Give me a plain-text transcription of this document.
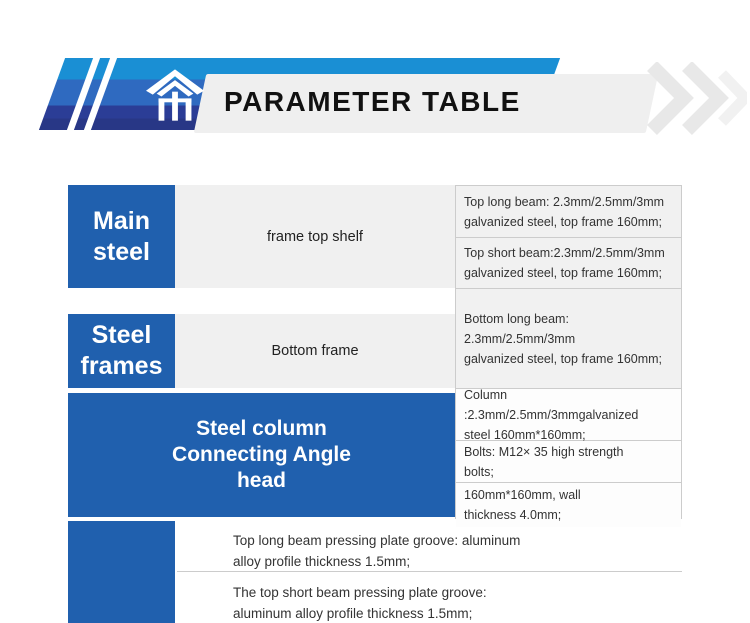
PARAMETER TABLE
Main
steel
frame top shelf
Steel
frames
Bottom frame
Steel column
Connecting Angle
head
Top long beam: 2.3mm/2.5mm/3mm
galvanized steel, top frame 160mm;
Top short beam:2.3mm/2.5mm/3mm
galvanized steel, top frame 160mm;
Bottom long beam: 2.3mm/2.5mm/3mm
galvanized steel, top frame 160mm;
Column :2.3mm/2.5mm/3mmgalvanized
steel 160mm*160mm;
Bolts: M12× 35 high strength
bolts;
160mm*160mm, wall
thickness 4.0mm;
Top long beam pressing plate groove: aluminum
alloy profile thickness 1.5mm;
The top short beam pressing plate groove:
aluminum alloy profile thickness 1.5mm;
